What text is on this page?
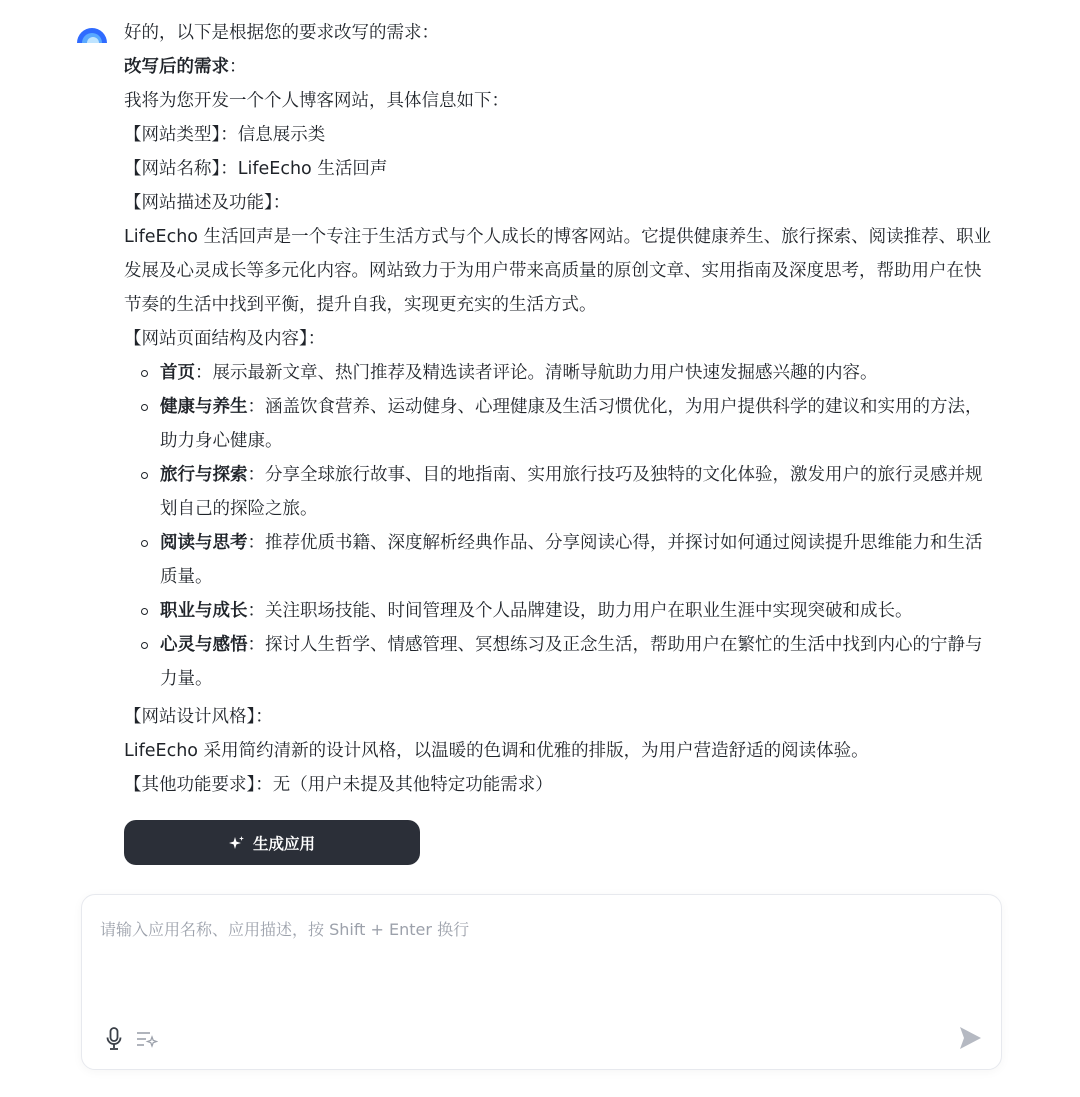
好的，以下是根据您的要求改写的需求：
改写后的需求：
我将为您开发一个个人博客网站，具体信息如下：
【网站类型】：信息展示类
【网站名称】：LifeEcho 生活回声
【网站描述及功能】：
LifeEcho 生活回声是一个专注于生活方式与个人成长的博客网站。它提供健康养生、旅行探索、阅读推荐、职业发展及心灵成长等多元化内容。网站致力于为用户带来高质量的原创文章、实用指南及深度思考，帮助用户在快节奏的生活中找到平衡，提升自我，实现更充实的生活方式。
【网站页面结构及内容】：
首页：展示最新文章、热门推荐及精选读者评论。清晰导航助力用户快速发掘感兴趣的内容。
健康与养生：涵盖饮食营养、运动健身、心理健康及生活习惯优化，为用户提供科学的建议和实用的方法，助力身心健康。
旅行与探索：分享全球旅行故事、目的地指南、实用旅行技巧及独特的文化体验，激发用户的旅行灵感并规划自己的探险之旅。
阅读与思考：推荐优质书籍、深度解析经典作品、分享阅读心得，并探讨如何通过阅读提升思维能力和生活质量。
职业与成长：关注职场技能、时间管理及个人品牌建设，助力用户在职业生涯中实现突破和成长。
心灵与感悟：探讨人生哲学、情感管理、冥想练习及正念生活，帮助用户在繁忙的生活中找到内心的宁静与力量。
【网站设计风格】：
LifeEcho 采用简约清新的设计风格，以温暖的色调和优雅的排版，为用户营造舒适的阅读体验。
【其他功能要求】：无（用户未提及其他特定功能需求）
生成应用
请输入应用名称、应用描述，按 Shift + Enter 换行
